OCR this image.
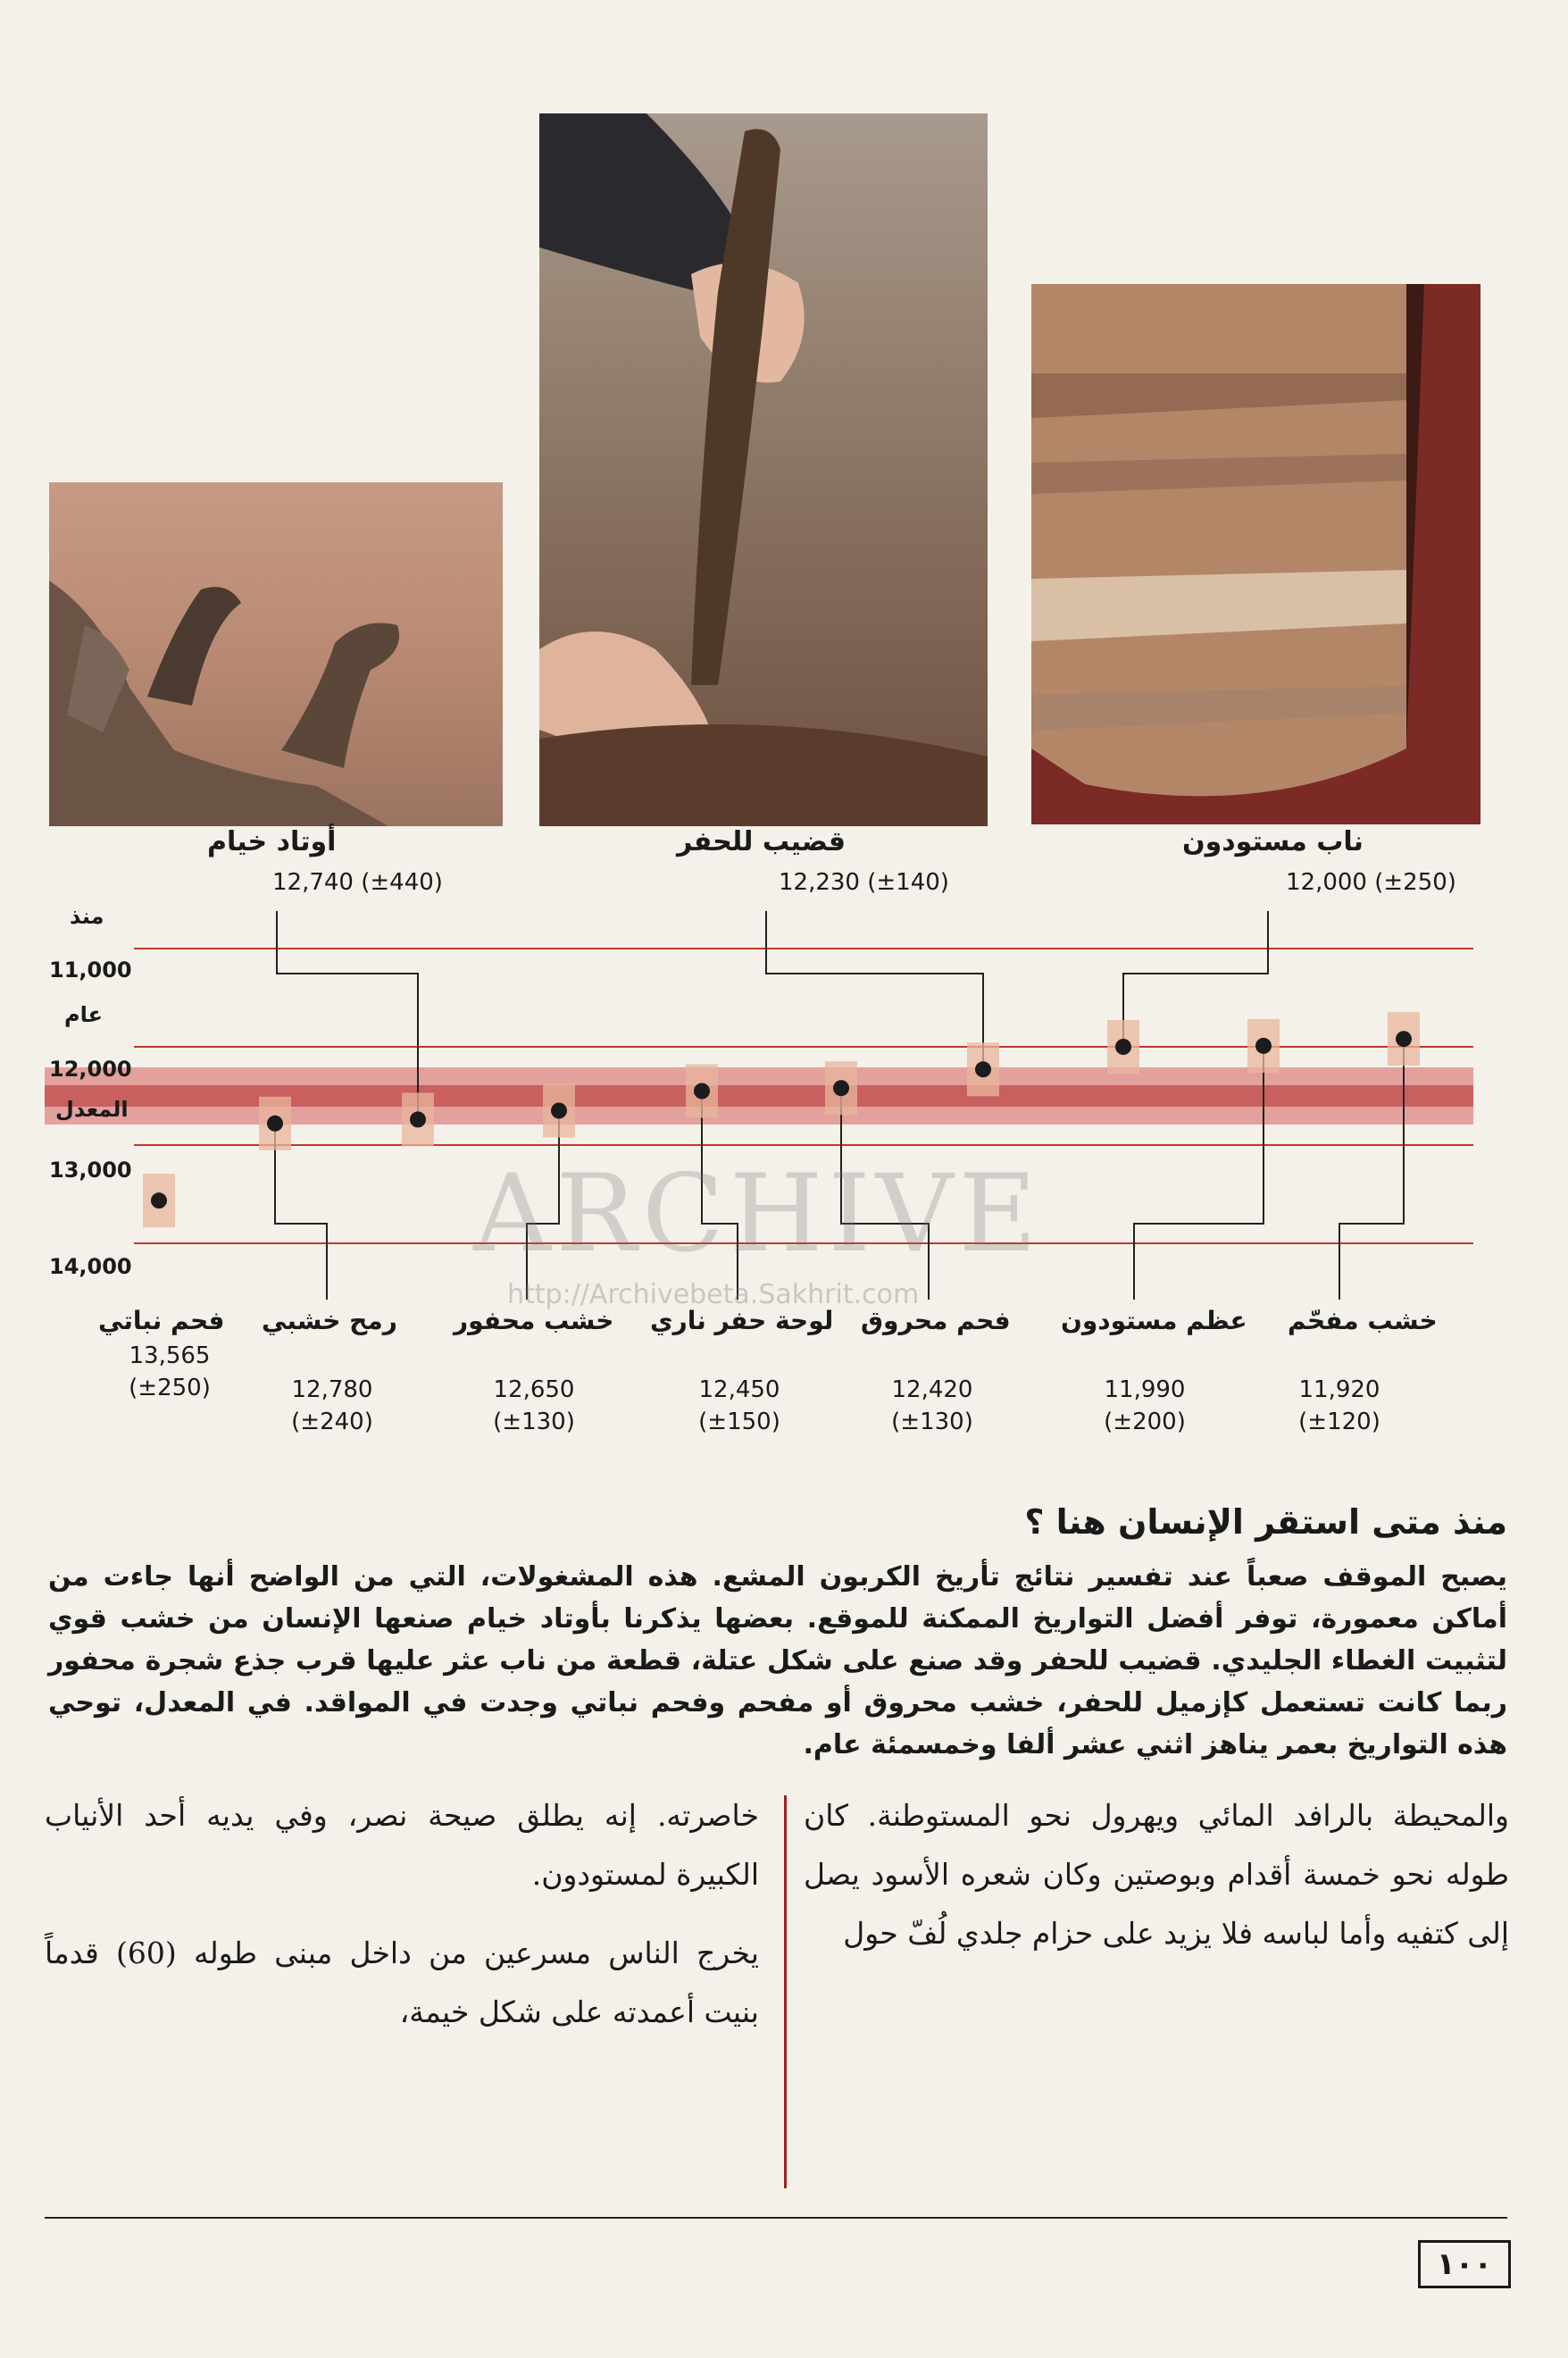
أوتاد خيام
12,740 (±440)
قضيب للحفر
12,230 (±140)
ناب مستودون
12,000 (±250)
منذ
11,000
عام
12,000
المعدل
13,000
14,000	ARCHIVE
http://Archivebeta.Sakhrit.com
فحم نباتي
13,565
(±250)
رمح خشبي
12,780
(±240)
خشب محفور
12,650
(±130)
لوحة حفر ناري
12,450
(±150)
فحم محروق
12,420
(±130)
عظم مستودون
11,990
(±200)
خشب مفحّم
11,920
(±120)
منذ متى استقر الإنسان هنا ؟
يصبح الموقف صعباً عند تفسير نتائج تأريخ الكربون المشع. هذه المشغولات، التي من الواضح أنها جاءت من أماكن معمورة، توفر أفضل التواريخ الممكنة للموقع. بعضها يذكرنا بأوتاد خيام صنعها الإنسان من خشب قوي لتثبيت الغطاء الجليدي. قضيب للحفر وقد صنع على شكل عتلة، قطعة من ناب عثر عليها قرب جذع شجرة محفور ربما كانت تستعمل كإزميل للحفر، خشب محروق أو مفحم وفحم نباتي وجدت في المواقد. في المعدل، توحي هذه التواريخ بعمر يناهز اثني عشر ألفا وخمسمئة عام.
والمحيطة بالرافد المائي ويهرول نحو المستوطنة. كان طوله نحو خمسة أقدام وبوصتين وكان شعره الأسود يصل إلى كتفيه وأما لباسه فلا يزيد على حزام جلدي لُفّ حول
خاصرته. إنه يطلق صيحة نصر، وفي يديه أحد الأنياب الكبيرة لمستودون.
يخرج الناس مسرعين من داخل مبنى طوله (60) قدماً بنيت أعمدته على شكل خيمة،
١٠٠
